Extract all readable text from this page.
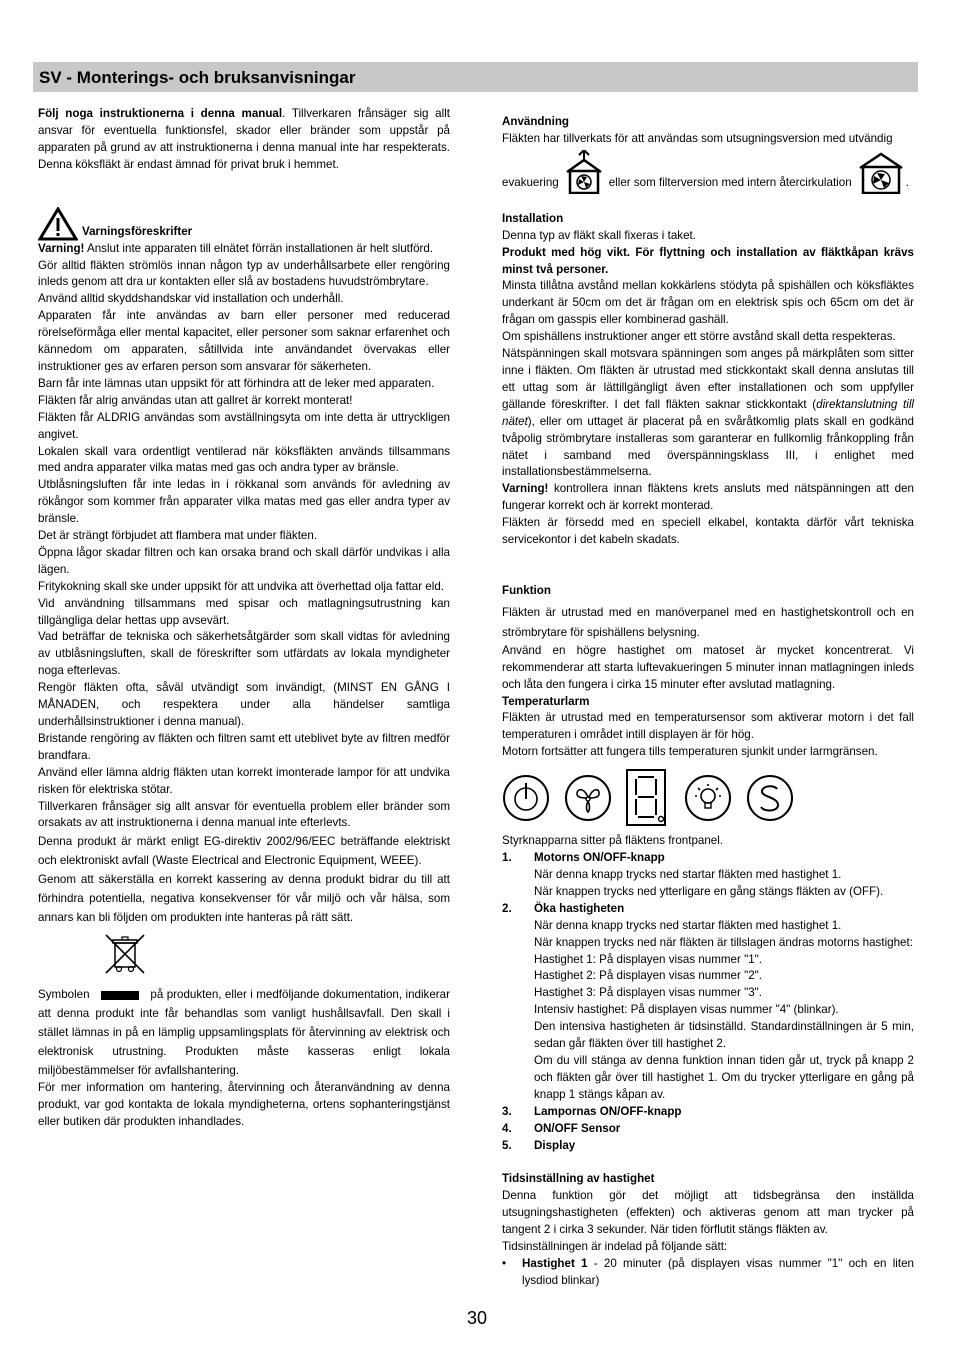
SV - Monterings- och bruksanvisningar

Följ noga instruktionerna i denna manual. Tillverkaren frånsäger sig allt ansvar för eventuella funktionsfel, skador eller bränder som uppstår på apparaten på grund av att instruktionerna i denna manual inte har respekterats. Denna köksfläkt är endast ämnad för privat bruk i hemmet.

Varningsföreskrifter

Varning! Anslut inte apparaten till elnätet förrän installationen är helt slutförd.

Gör alltid fläkten strömlös innan någon typ av underhållsarbete eller rengöring inleds genom att dra ur kontakten eller slå av bostadens huvudströmbrytare.

Använd alltid skyddshandskar vid installation och underhåll.

Apparaten får inte användas av barn eller personer med reducerad rörelseförmåga eller mental kapacitet, eller personer som saknar erfarenhet och kännedom om apparaten, såtillvida inte användandet övervakas eller instruktioner ges av erfaren person som ansvarar för säkerheten.

Barn får inte lämnas utan uppsikt för att förhindra att de leker med apparaten.

Fläkten får alrig användas utan att gallret är korrekt monterat!

Fläkten får ALDRIG användas som avställningsyta om inte detta är uttryckligen angivet.

Lokalen skall vara ordentligt ventilerad när köksfläkten används tillsammans med andra apparater vilka matas med gas och andra typer av bränsle.

Utblåsningsluften får inte ledas in i rökkanal som används för avledning av rökångor som kommer från apparater vilka matas med gas eller andra typer av bränsle.

Det är strängt förbjudet att flambera mat under fläkten.

Öppna lågor skadar filtren och kan orsaka brand och skall därför undvikas i alla lägen.

Fritykokning skall ske under uppsikt för att undvika att överhettad olja fattar eld.

Vid användning tillsammans med spisar och matlagningsutrustning kan tillgängliga delar hettas upp avsevärt.

Vad beträffar de tekniska och säkerhetsåtgärder som skall vidtas för avledning av utblåsningsluften, skall de föreskrifter som utfärdats av lokala myndigheter noga efterlevas.

Rengör fläkten ofta, såväl utvändigt som invändigt, (MINST EN GÅNG I MÅNADEN, och respektera under alla händelser samtliga underhållsinstruktioner i denna manual).

Bristande rengöring av fläkten och filtren samt ett uteblivet byte av filtren medför brandfara.

Använd eller lämna aldrig fläkten utan korrekt imonterade lampor för att undvika risken för elektriska stötar.

Tillverkaren frånsäger sig allt ansvar för eventuella problem eller bränder som orsakats av att instruktionerna i denna manual inte efterlevts.

Denna produkt är märkt enligt EG-direktiv 2002/96/EEC beträffande elektriskt och elektroniskt avfall (Waste Electrical and Electronic Equipment, WEEE).

Genom att säkerställa en korrekt kassering av denna produkt bidrar du till att förhindra potentiella, negativa konsekvenser för vår miljö och vår hälsa, som annars kan bli följden om produkten inte hanteras på rätt sätt.

Symbolen	på produkten, eller i medföljande dokumentation, indikerar att denna produkt inte får behandlas som vanligt hushållsavfall. Den skall i stället lämnas in på en lämplig uppsamlingsplats för återvinning av elektrisk och elektronisk utrustning. Produkten måste kasseras enligt lokala miljöbestämmelser för avfallshantering.

För mer information om hantering, återvinning och återanvändning av denna produkt, var god kontakta de lokala myndigheterna, ortens sophanteringstjänst eller butiken där produkten inhandlades.

Användning

Fläkten har tillverkats för att användas som utsugningsversion med utvändig

evakuering	eller som filterversion med intern återcirkulation	.

Installation

Denna typ av fläkt skall fixeras i taket.

Produkt med hög vikt. För flyttning och installation av fläktkåpan krävs minst två personer.

Minsta tillåtna avstånd mellan kokkärlens stödyta på spishällen och köksfläktes underkant är 50cm om det är frågan om en elektrisk spis och 65cm om det är frågan om gasspis eller kombinerad gashäll.

Om spishällens instruktioner anger ett större avstånd skall detta respekteras.

Nätspänningen skall motsvara spänningen som anges på märkplåten som sitter inne i fläkten. Om fläkten är utrustad med stickkontakt skall denna anslutas till ett uttag som är lättillgängligt även efter installationen och som uppfyller gällande föreskrifter. I det fall fläkten saknar stickkontakt (direktanslutning till nätet), eller om uttaget är placerat på en svåråtkomlig plats skall en godkänd tvåpolig strömbrytare installeras som garanterar en fullkomlig frånkoppling från nätet i samband med överspänningsklass III, i enlighet med installationsbestämmelserna.

Varning! kontrollera innan fläktens krets ansluts med nätspänningen att den fungerar korrekt och är korrekt monterad.

Fläkten är försedd med en speciell elkabel, kontakta därför vårt tekniska servicekontor i det kabeln skadats.

Funktion

Fläkten är utrustad med en manöverpanel med en hastighetskontroll och en strömbrytare för spishällens belysning.

Använd en högre hastighet om matoset är mycket koncentrerat. Vi rekommenderar att starta luftevakueringen 5 minuter innan matlagningen inleds och låta den fungera i cirka 15 minuter efter avslutad matlagning.

Temperaturlarm

Fläkten är utrustad med en temperatursensor som aktiverar motorn i det fall temperaturen i området intill displayen är för hög.

Motorn fortsätter att fungera tills temperaturen sjunkit under larmgränsen.

Styrknapparna sitter på fläktens frontpanel.

1.	Motorns ON/OFF-knapp

När denna knapp trycks ned startar fläkten med hastighet 1.

När knappen trycks ned ytterligare en gång stängs fläkten av (OFF).

2.	Öka hastigheten

När denna knapp trycks ned startar fläkten med hastighet 1.

När knappen trycks ned när fläkten är tillslagen ändras motorns hastighet:

Hastighet 1: På displayen visas nummer "1".

Hastighet 2: På displayen visas nummer "2".

Hastighet 3: På displayen visas nummer "3".

Intensiv hastighet: På displayen visas nummer "4" (blinkar).

Den intensiva hastigheten är tidsinställd. Standardinställningen är 5 min, sedan går fläkten över till hastighet 2.

Om du vill stänga av denna funktion innan tiden går ut, tryck på knapp 2 och fläkten går över till hastighet 1. Om du trycker ytterligare en gång på knapp 1 stängs kåpan av.

3.	Lampornas ON/OFF-knapp
4.	ON/OFF Sensor
5.	Display

Tidsinställning av hastighet

Denna funktion gör det möjligt att tidsbegränsa den inställda utsugningshastigheten (effekten) och aktiveras genom att man trycker på tangent 2 i cirka 3 sekunder. När tiden förflutit stängs fläkten av.

Tidsinställningen är indelad på följande sätt:

•	Hastighet 1 - 20 minuter (på displayen visas nummer "1" och en liten lysdiod blinkar)
30
